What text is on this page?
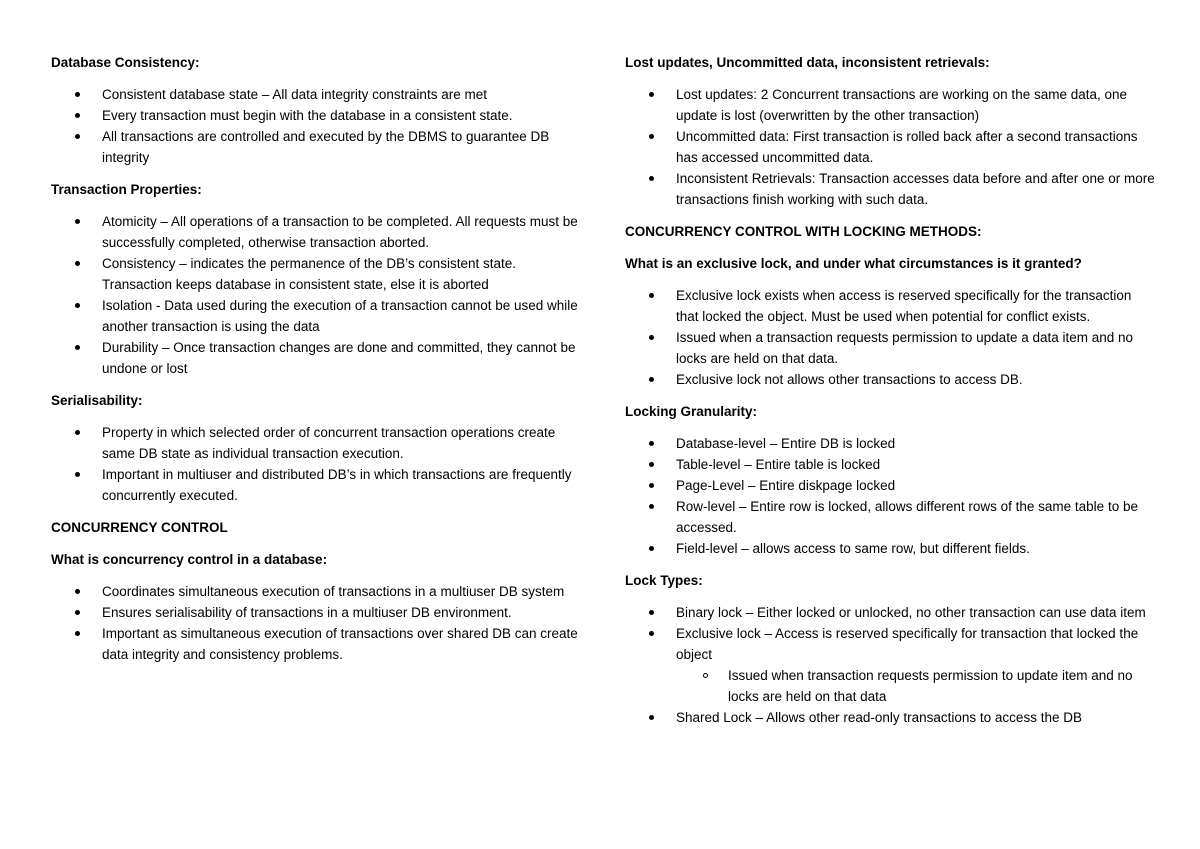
Database Consistency:
Consistent database state – All data integrity constraints are met
Every transaction must begin with the database in a consistent state.
All transactions are controlled and executed by the DBMS to guarantee DB integrity
Transaction Properties:
Atomicity – All operations of a transaction to be completed. All requests must be successfully completed, otherwise transaction aborted.
Consistency – indicates the permanence of the DB’s consistent state. Transaction keeps database in consistent state, else it is aborted
Isolation - Data used during the execution of a transaction cannot be used while another transaction is using the data
Durability – Once transaction changes are done and committed, they cannot be undone or lost
Serialisability:
Property in which selected order of concurrent transaction operations create same DB state as individual transaction execution.
Important in multiuser and distributed DB’s in which transactions are frequently concurrently executed.
CONCURRENCY CONTROL
What is concurrency control in a database:
Coordinates simultaneous execution of transactions in a multiuser DB system
Ensures serialisability of transactions in a multiuser DB environment.
Important as simultaneous execution of transactions over shared DB can create data integrity and consistency problems.
Lost updates, Uncommitted data, inconsistent retrievals:
Lost updates: 2 Concurrent transactions are working on the same data, one update is lost (overwritten by the other transaction)
Uncommitted data: First transaction is rolled back after a second transactions has accessed uncommitted data.
Inconsistent Retrievals: Transaction accesses data before and after one or more transactions finish working with such data.
CONCURRENCY CONTROL WITH LOCKING METHODS:
What is an exclusive lock, and under what circumstances is it granted?
Exclusive lock exists when access is reserved specifically for the transaction that locked the object. Must be used when potential for conflict exists.
Issued when a transaction requests permission to update a data item and no locks are held on that data.
Exclusive lock not allows other transactions to access DB.
Locking Granularity:
Database-level – Entire DB is locked
Table-level – Entire table is locked
Page-Level – Entire diskpage locked
Row-level – Entire row is locked, allows different rows of the same table to be accessed.
Field-level – allows access to same row, but different fields.
Lock Types:
Binary lock – Either locked or unlocked, no other transaction can use data item
Exclusive lock – Access is reserved specifically for transaction that locked the object
Issued when transaction requests permission to update item and no locks are held on that data
Shared Lock – Allows other read-only transactions to access the DB
